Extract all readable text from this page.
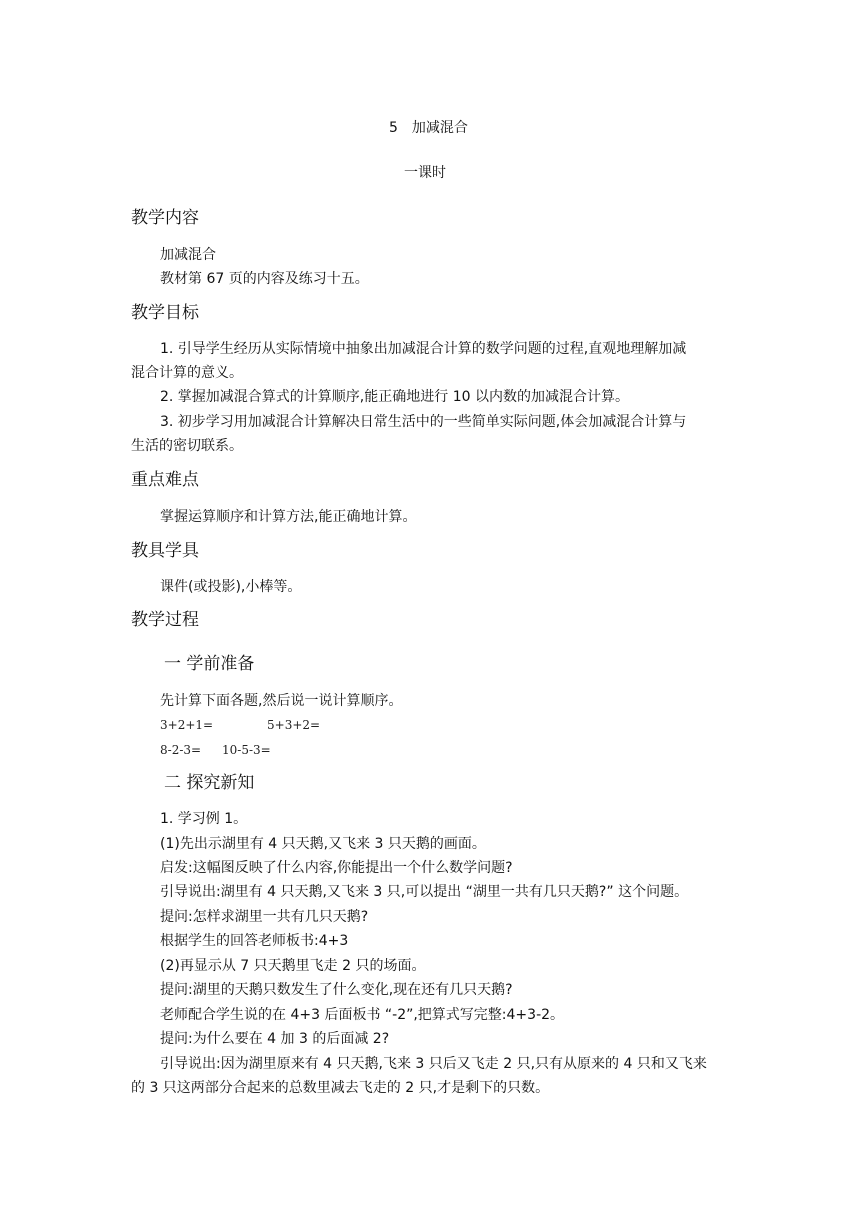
5　加减混合
一课时
教学内容
加减混合
教材第 67 页的内容及练习十五。
教学目标
1. 引导学生经历从实际情境中抽象出加减混合计算的数学问题的过程,直观地理解加减
混合计算的意义。
2. 掌握加减混合算式的计算顺序,能正确地进行 10 以内数的加减混合计算。
3. 初步学习用加减混合计算解决日常生活中的一些简单实际问题,体会加减混合计算与
生活的密切联系。
重点难点
掌握运算顺序和计算方法,能正确地计算。
教具学具
课件(或投影),小棒等。
教学过程
一 学前准备
先计算下面各题,然后说一说计算顺序。
3+2+1=	5+3+2=
8-2-3= 10-5-3=
二 探究新知
1. 学习例 1。
(1)先出示湖里有 4 只天鹅,又飞来 3 只天鹅的画面。
启发:这幅图反映了什么内容,你能提出一个什么数学问题?
引导说出:湖里有 4 只天鹅,又飞来 3 只,可以提出 “湖里一共有几只天鹅?” 这个问题。
提问:怎样求湖里一共有几只天鹅?
根据学生的回答老师板书:4+3
(2)再显示从 7 只天鹅里飞走 2 只的场面。
提问:湖里的天鹅只数发生了什么变化,现在还有几只天鹅?
老师配合学生说的在 4+3 后面板书 “-2”,把算式写完整:4+3-2。
提问:为什么要在 4 加 3 的后面减 2?
引导说出:因为湖里原来有 4 只天鹅,飞来 3 只后又飞走 2 只,只有从原来的 4 只和又飞来
的 3 只这两部分合起来的总数里减去飞走的 2 只,才是剩下的只数。
